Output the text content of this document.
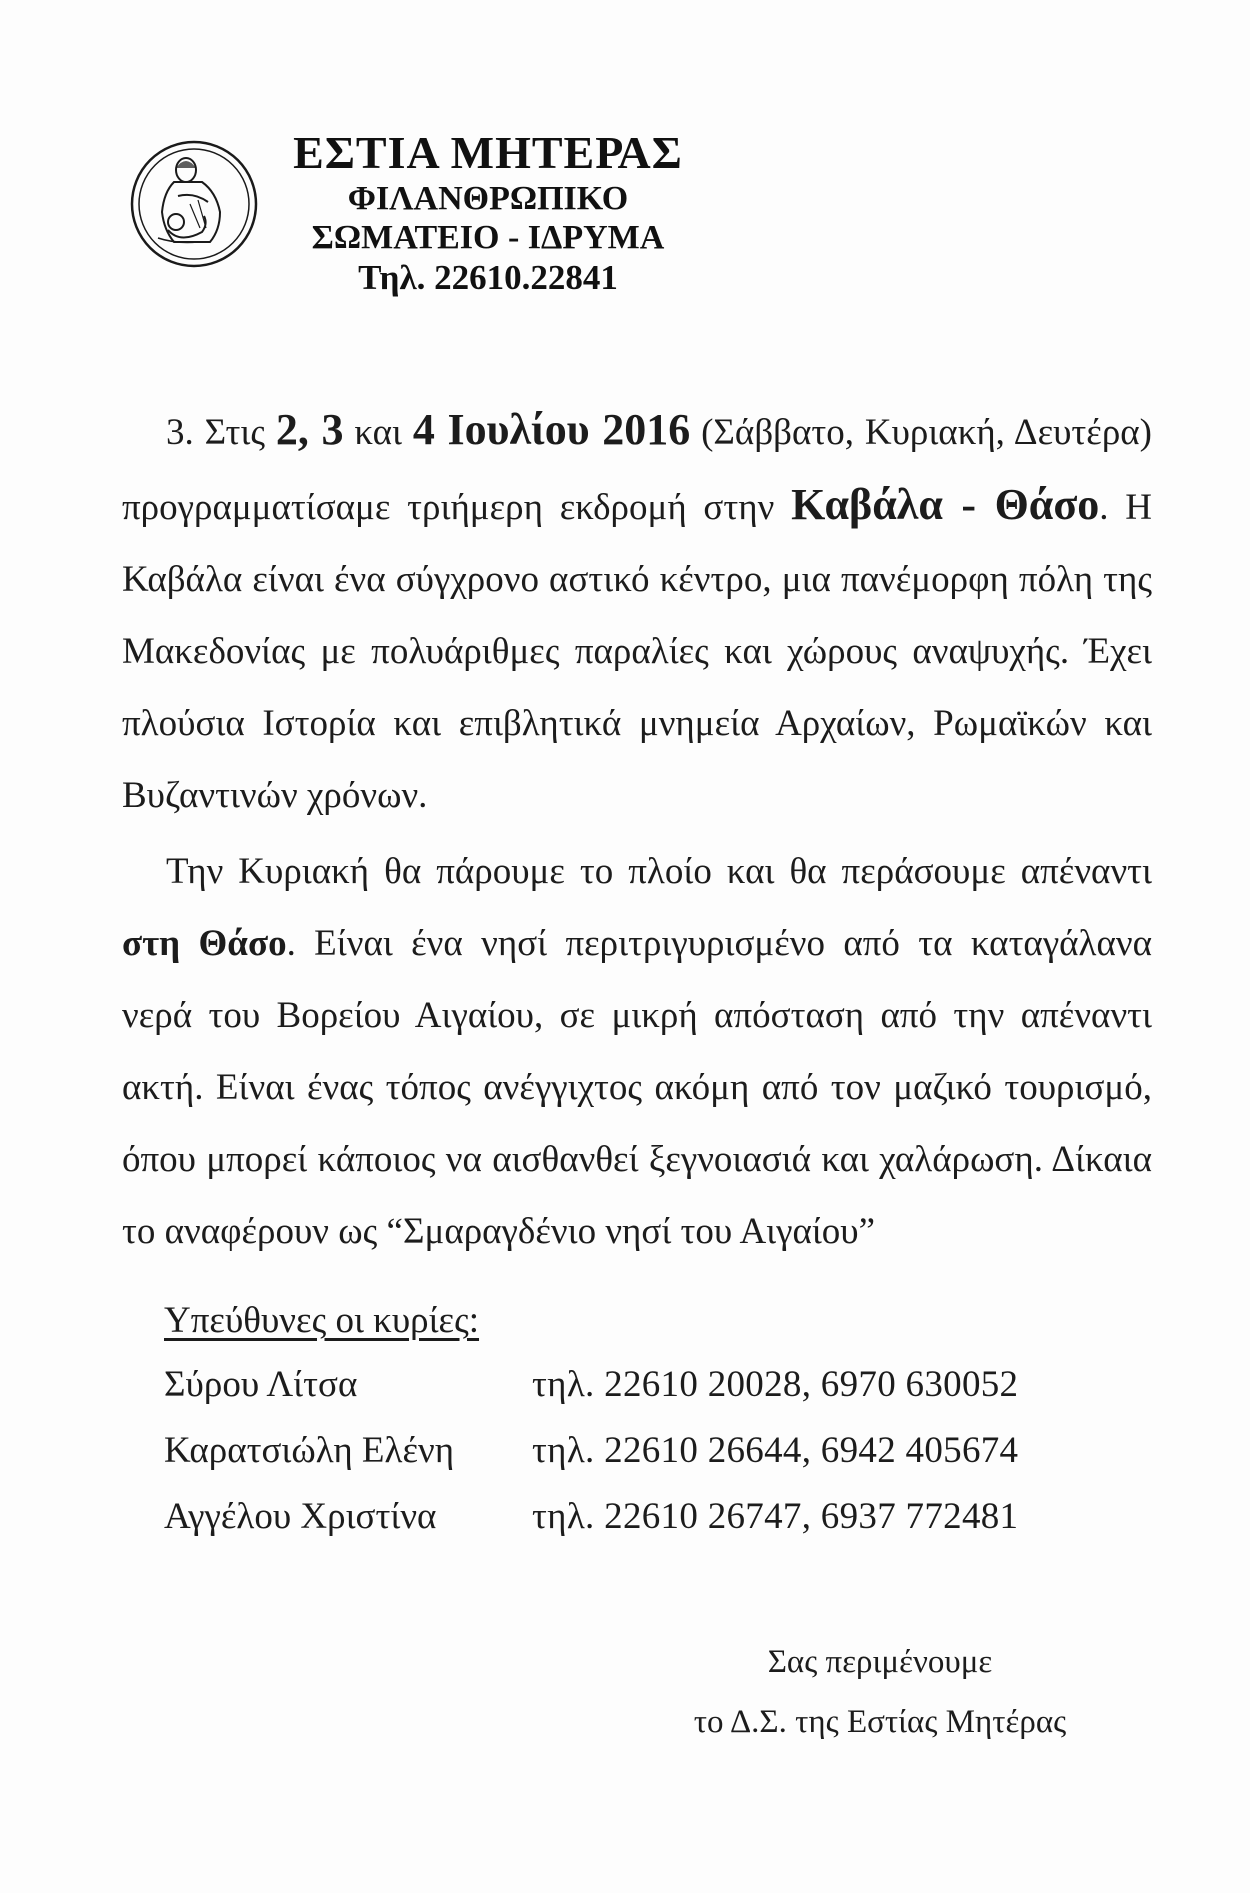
ΕΣΤΙΑ ΜΗΤΕΡΑΣ
ΦΙΛΑΝΘΡΩΠΙΚΟ
ΣΩΜΑΤΕΙΟ - ΙΔΡΥΜΑ
Τηλ. 22610.22841

3. Στις 2, 3 και 4 Ιουλίου 2016 (Σάββατο, Κυριακή, Δευτέρα) προγραμματίσαμε τριήμερη εκδρομή στην Καβάλα - Θάσο. Η Καβάλα είναι ένα σύγχρονο αστικό κέντρο, μια πανέμορφη πόλη της Μακεδονίας με πολυάριθμες παραλίες και χώρους αναψυχής. Έχει πλούσια Ιστορία και επιβλητικά μνημεία Αρχαίων, Ρωμαϊκών και Βυζαντινών χρόνων.

Την Κυριακή θα πάρουμε το πλοίο και θα περάσουμε απέναντι στη Θάσο. Είναι ένα νησί περιτριγυρισμένο από τα καταγάλανα νερά του Βορείου Αιγαίου, σε μικρή απόσταση από την απέναντι ακτή. Είναι ένας τόπος ανέγγιχτος ακόμη από τον μαζικό τουρισμό, όπου μπορεί κάποιος να αισθανθεί ξεγνοιασιά και χαλάρωση. Δίκαια το αναφέρουν ως “Σμαραγδένιο νησί του Αιγαίου”

Υπεύθυνες οι κυρίες:
Σύρου Λίτσα	τηλ. 22610 20028, 6970 630052
Καρατσιώλη Ελένη	τηλ. 22610 26644, 6942 405674
Αγγέλου Χριστίνα	τηλ. 22610 26747, 6937 772481
Σας περιμένουμε
το Δ.Σ. της Εστίας Μητέρας
